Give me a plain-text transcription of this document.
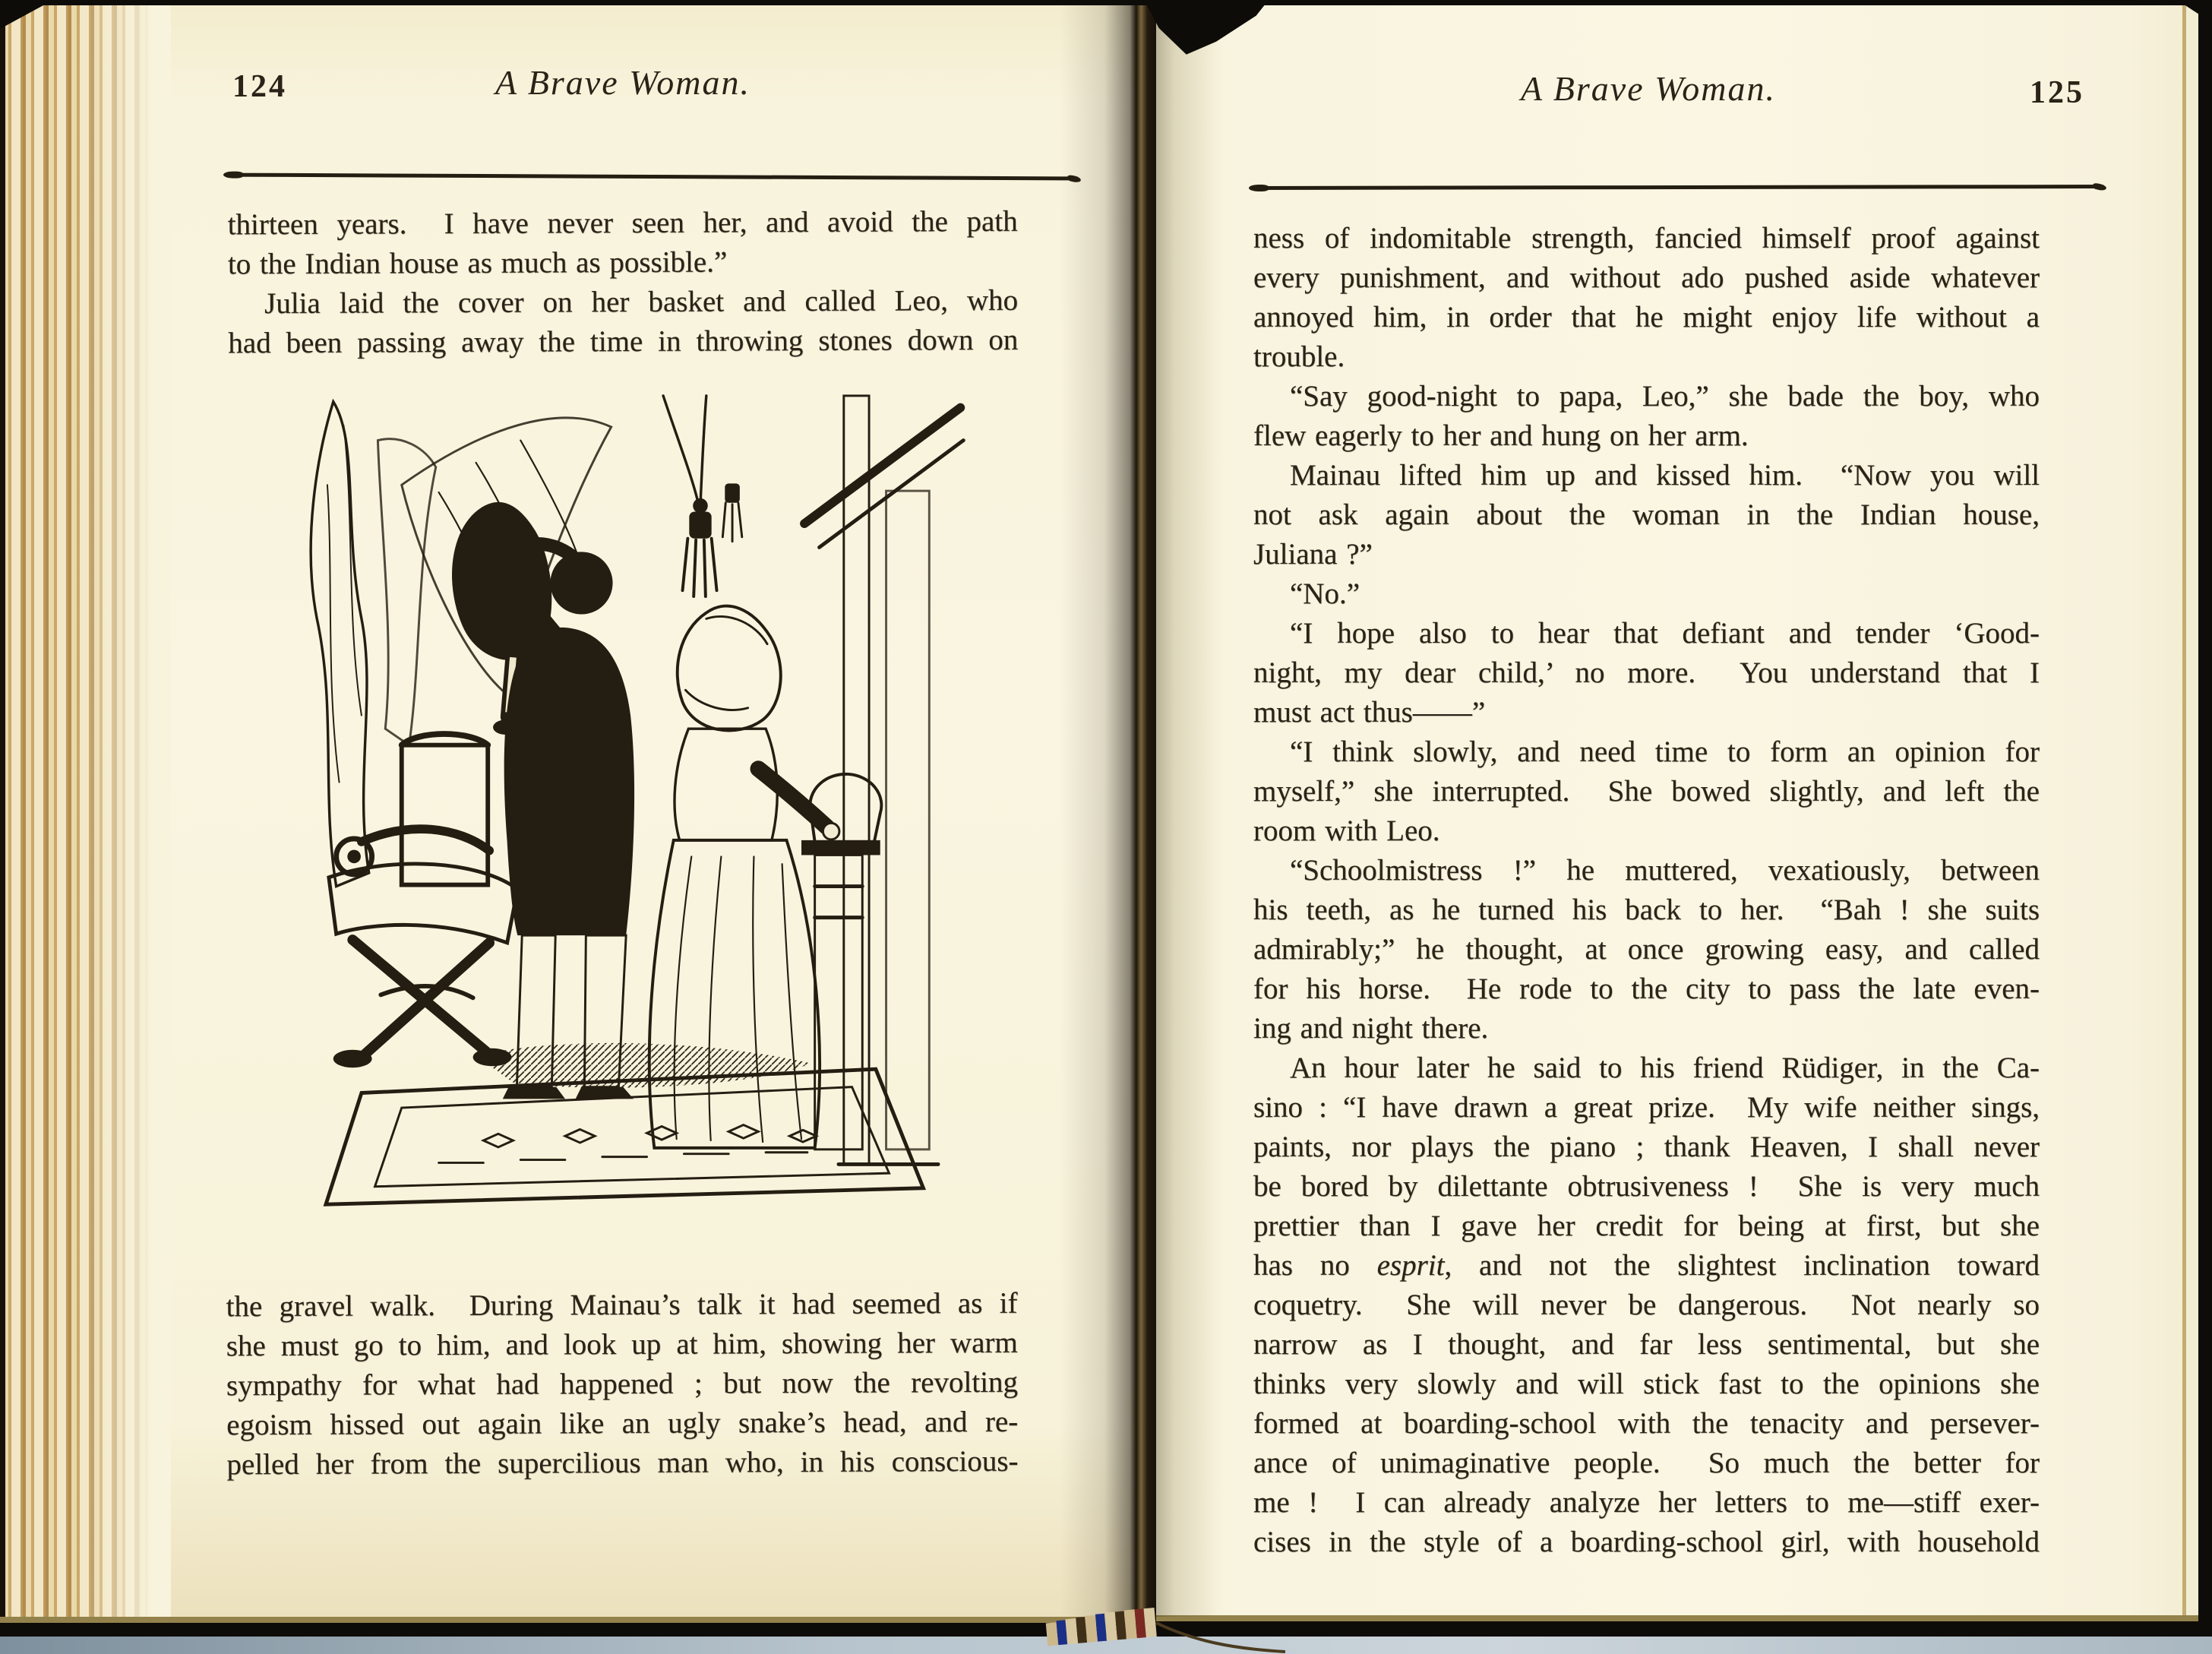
124	A Brave Woman.
thirteen years.  I have never seen her, and avoid the path
to the Indian house as much as possible.”
Julia laid the cover on her basket and called Leo, who
had been passing away the time in throwing stones down on
the gravel walk.  During Mainau’s talk it had seemed as if
she must go to him, and look up at him, showing her warm
sympathy for what had happened ; but now the revolting
egoism hissed out again like an ugly snake’s head, and re-
pelled her from the supercilious man who, in his conscious-
A Brave Woman.	125
ness of indomitable strength, fancied himself proof against
every punishment, and without ado pushed aside whatever
annoyed him, in order that he might enjoy life without a
trouble.
“Say good-night to papa, Leo,” she bade the boy, who
flew eagerly to her and hung on her arm.
Mainau lifted him up and kissed him.  “Now you will
not ask again about the woman in the Indian house,
Juliana ?”
“No.”
“I hope also to hear that defiant and tender ‘Good-
night, my dear child,’ no more.  You understand that I
must act thus——”
“I think slowly, and need time to form an opinion for
myself,” she interrupted.  She bowed slightly, and left the
room with Leo.
“Schoolmistress !” he muttered, vexatiously, between
his teeth, as he turned his back to her.  “Bah ! she suits
admirably;” he thought, at once growing easy, and called
for his horse.  He rode to the city to pass the late even-
ing and night there.
An hour later he said to his friend Rüdiger, in the Ca-
sino : “I have drawn a great prize.  My wife neither sings,
paints, nor plays the piano ; thank Heaven, I shall never
be bored by dilettante obtrusiveness !  She is very much
prettier than I gave her credit for being at first, but she
has no esprit, and not the slightest inclination toward
coquetry.  She will never be dangerous.  Not nearly so
narrow as I thought, and far less sentimental, but she
thinks very slowly and will stick fast to the opinions she
formed at boarding-school with the tenacity and persever-
ance of unimaginative people.  So much the better for
me !  I can already analyze her letters to me—stiff exer-
cises in the style of a boarding-school girl, with household
